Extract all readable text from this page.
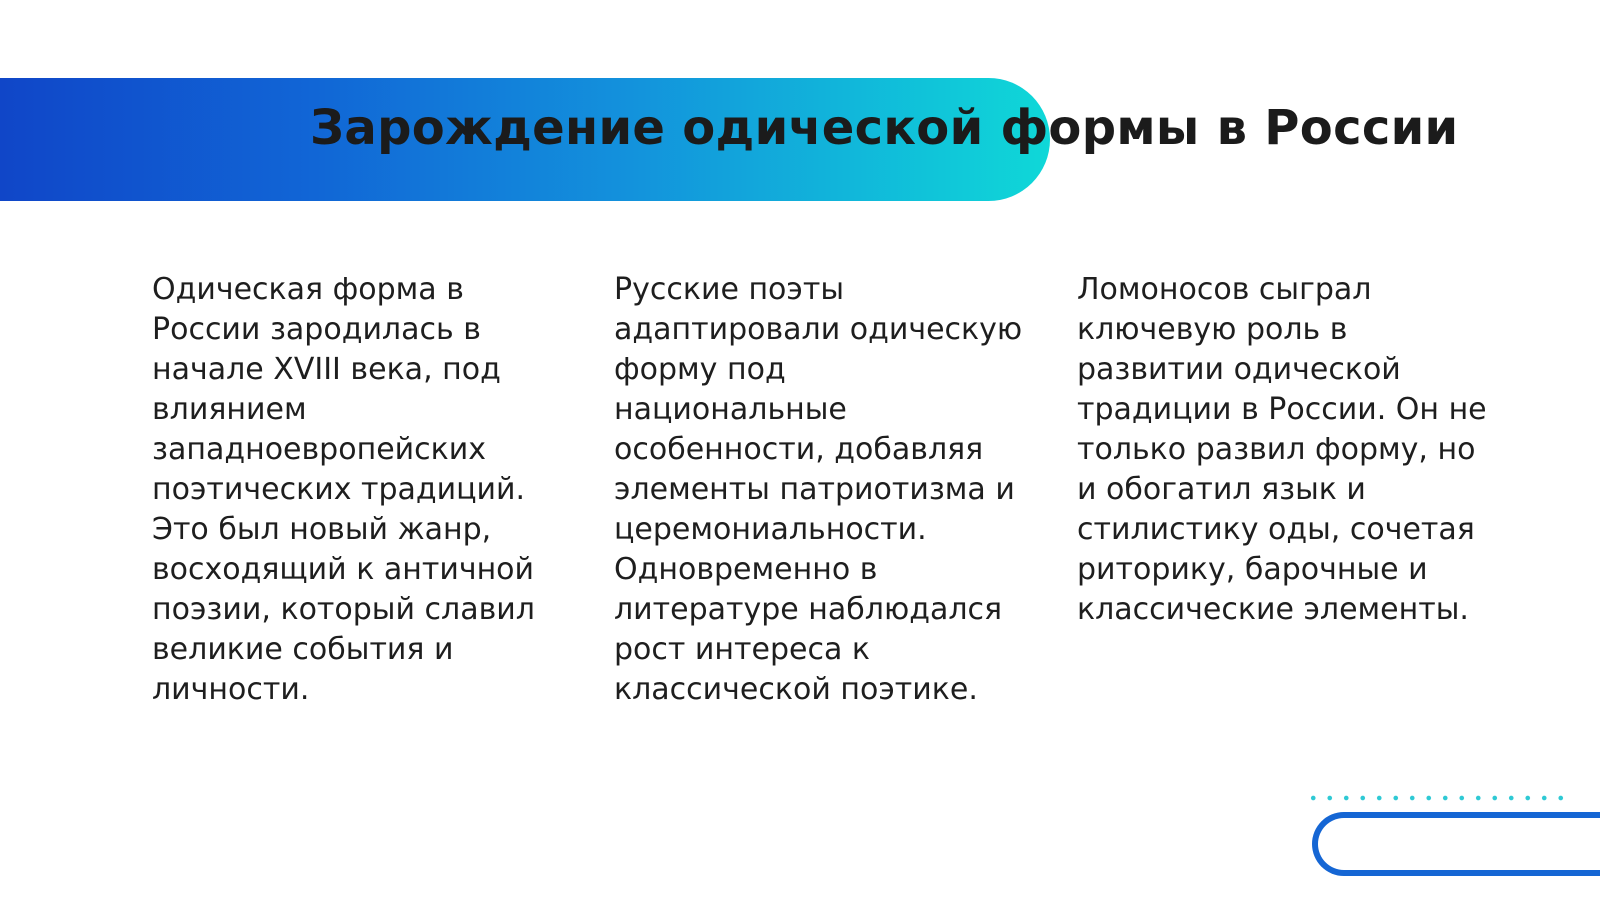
Зарождение одической формы в России

Одическая форма в России зародилась в начале XVIII века, под влиянием западноевропейских поэтических традиций. Это был новый жанр, восходящий к античной поэзии, который славил великие события и личности.

Русские поэты адаптировали одическую форму под национальные особенности, добавляя элементы патриотизма и церемониальности. Одновременно в литературе наблюдался рост интереса к классической поэтике.

Ломоносов сыграл ключевую роль в развитии одической традиции в России. Он не только развил форму, но и обогатил язык и стилистику оды, сочетая риторику, барочные и классические элементы.
